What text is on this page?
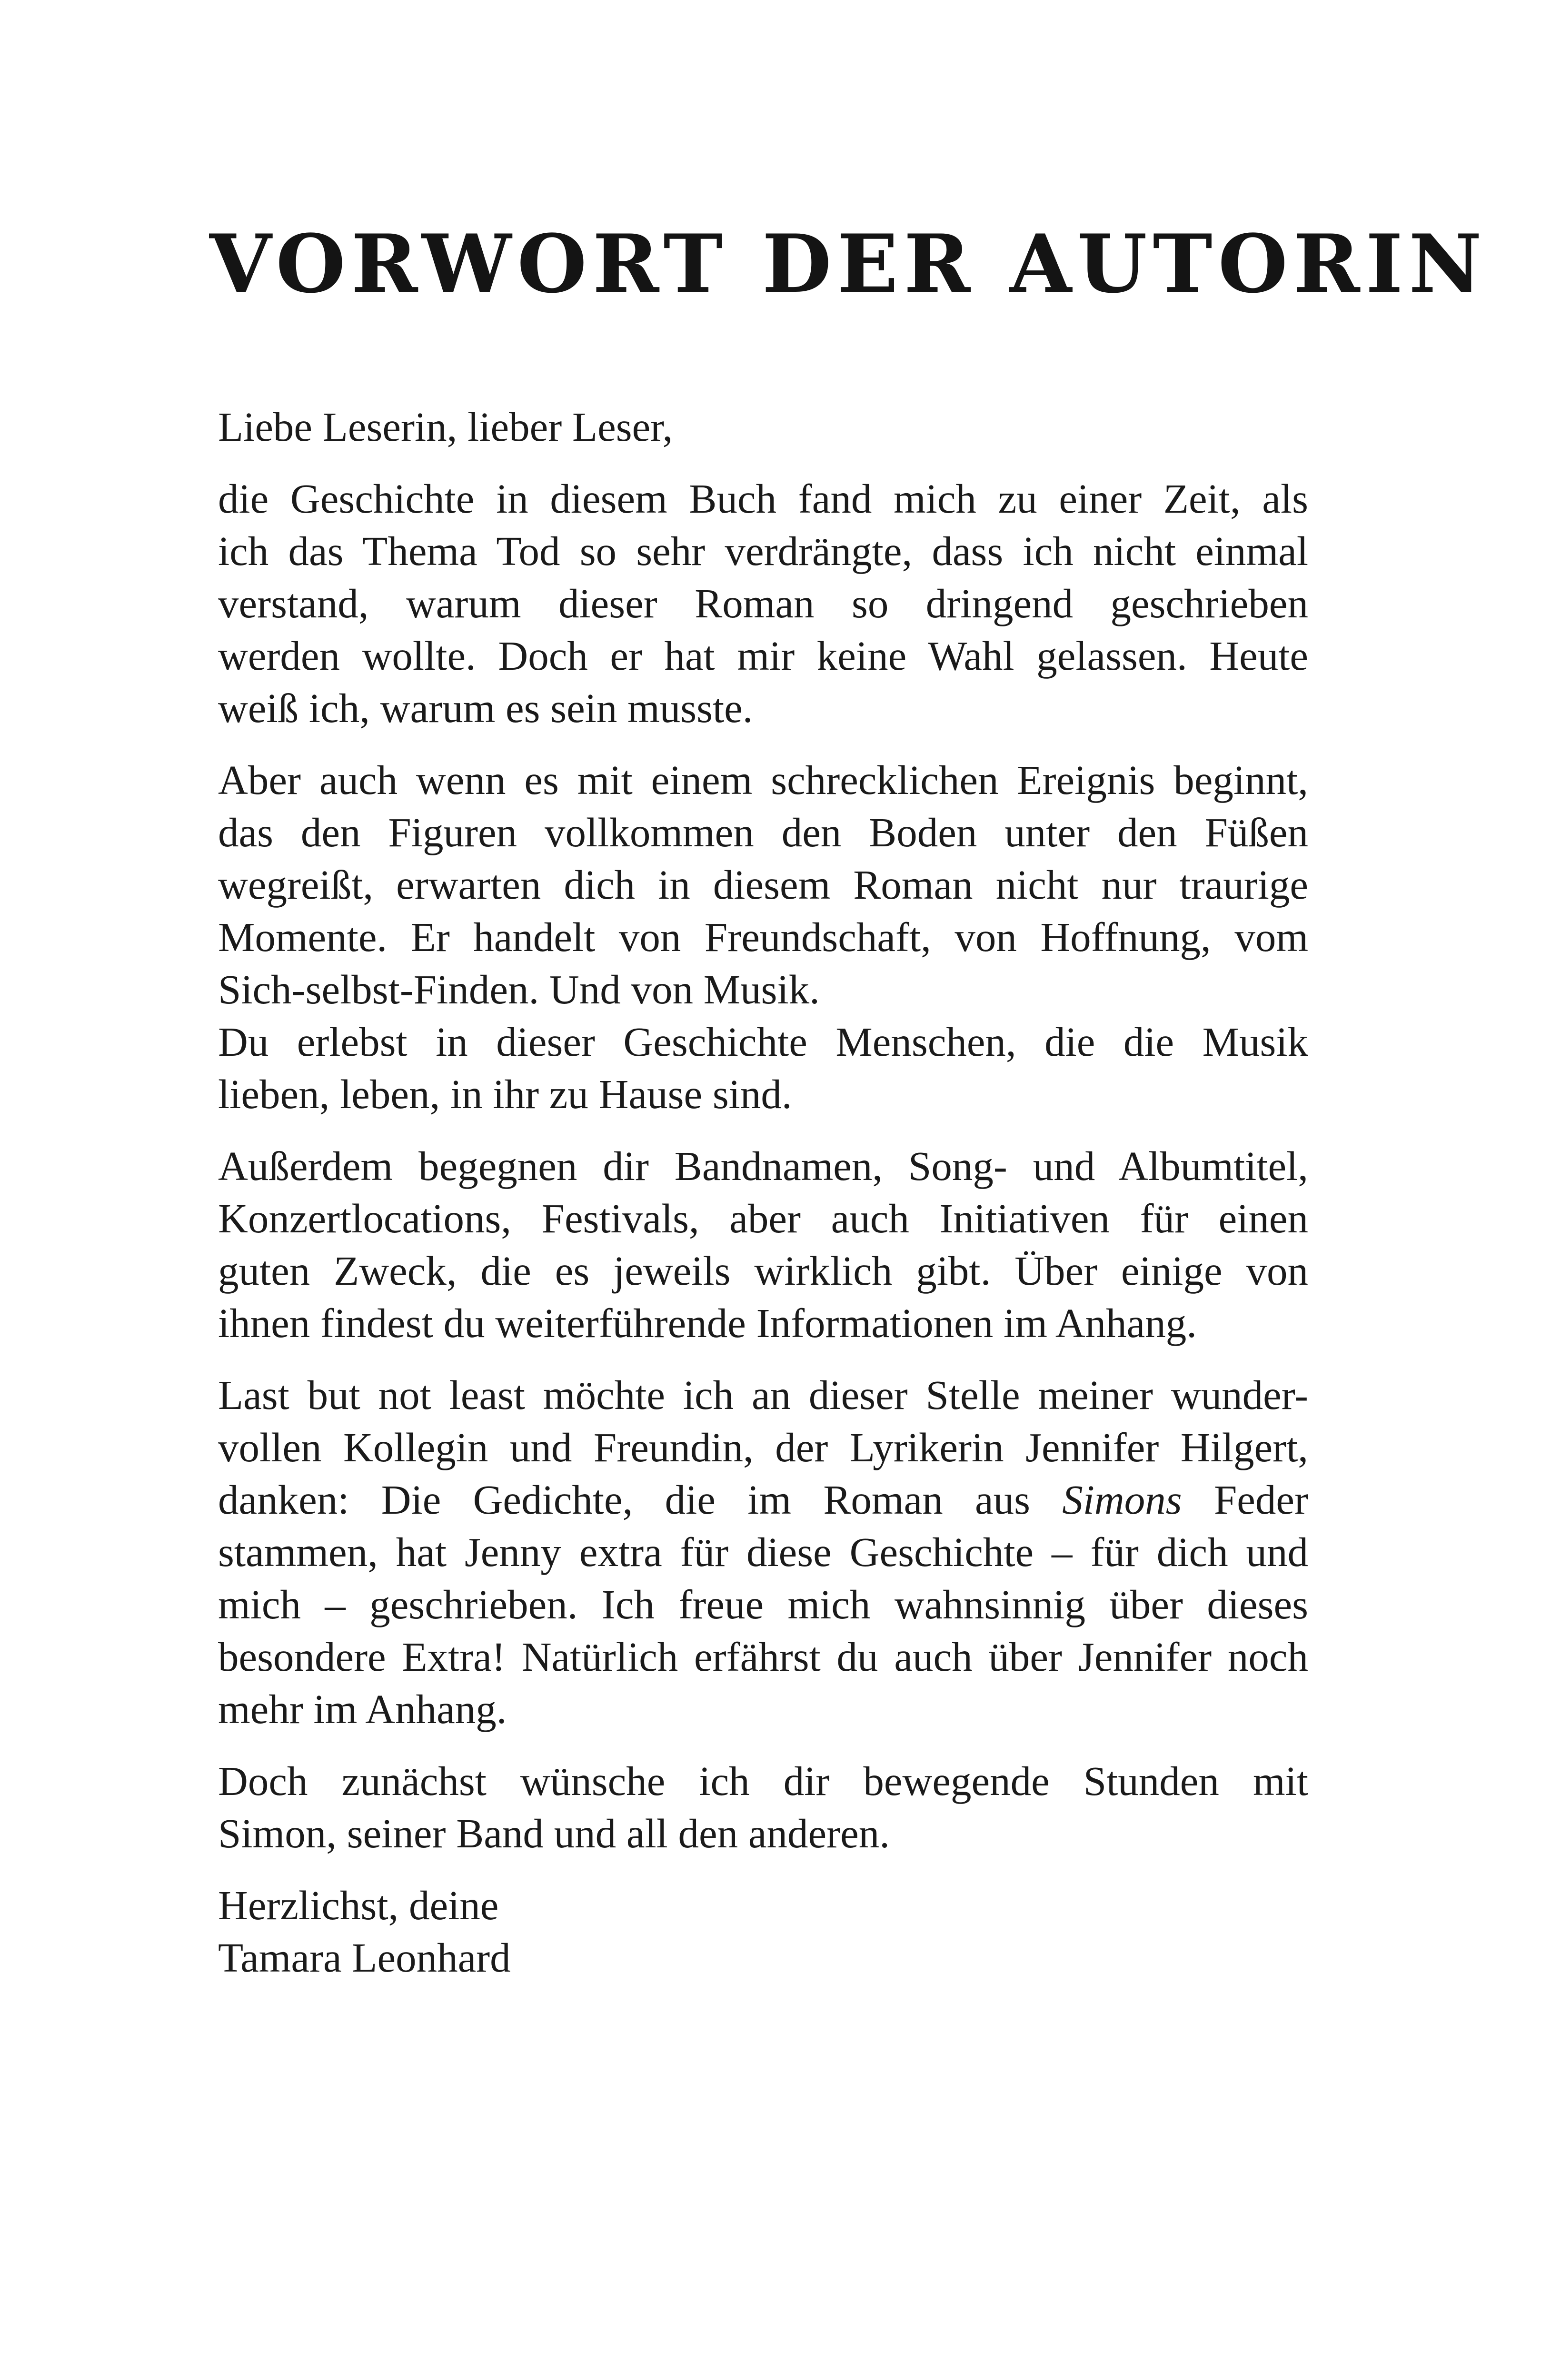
VORWORT DER AUTORIN

Liebe Leserin, lieber Leser,

die Geschichte in diesem Buch fand mich zu einer Zeit, als
ich das Thema Tod so sehr verdrängte, dass ich nicht einmal
verstand, warum dieser Roman so dringend geschrieben
werden wollte. Doch er hat mir keine Wahl gelassen. Heute
weiß ich, warum es sein musste.

Aber auch wenn es mit einem schrecklichen Ereignis beginnt,
das den Figuren vollkommen den Boden unter den Füßen
wegreißt, erwarten dich in diesem Roman nicht nur traurige
Momente. Er handelt von Freundschaft, von Hoffnung, vom
Sich-selbst-Finden. Und von Musik.
Du erlebst in dieser Geschichte Menschen, die die Musik
lieben, leben, in ihr zu Hause sind.

Außerdem begegnen dir Bandnamen, Song- und Albumtitel,
Konzertlocations, Festivals, aber auch Initiativen für einen
guten Zweck, die es jeweils wirklich gibt. Über einige von
ihnen findest du weiterführende Informationen im Anhang.

Last but not least möchte ich an dieser Stelle meiner wunder-
vollen Kollegin und Freundin, der Lyrikerin Jennifer Hilgert,
danken: Die Gedichte, die im Roman aus Simons Feder
stammen, hat Jenny extra für diese Geschichte – für dich und
mich – geschrieben. Ich freue mich wahnsinnig über dieses
besondere Extra! Natürlich erfährst du auch über Jennifer noch
mehr im Anhang.

Doch zunächst wünsche ich dir bewegende Stunden mit
Simon, seiner Band und all den anderen.

Herzlichst, deine
Tamara Leonhard
